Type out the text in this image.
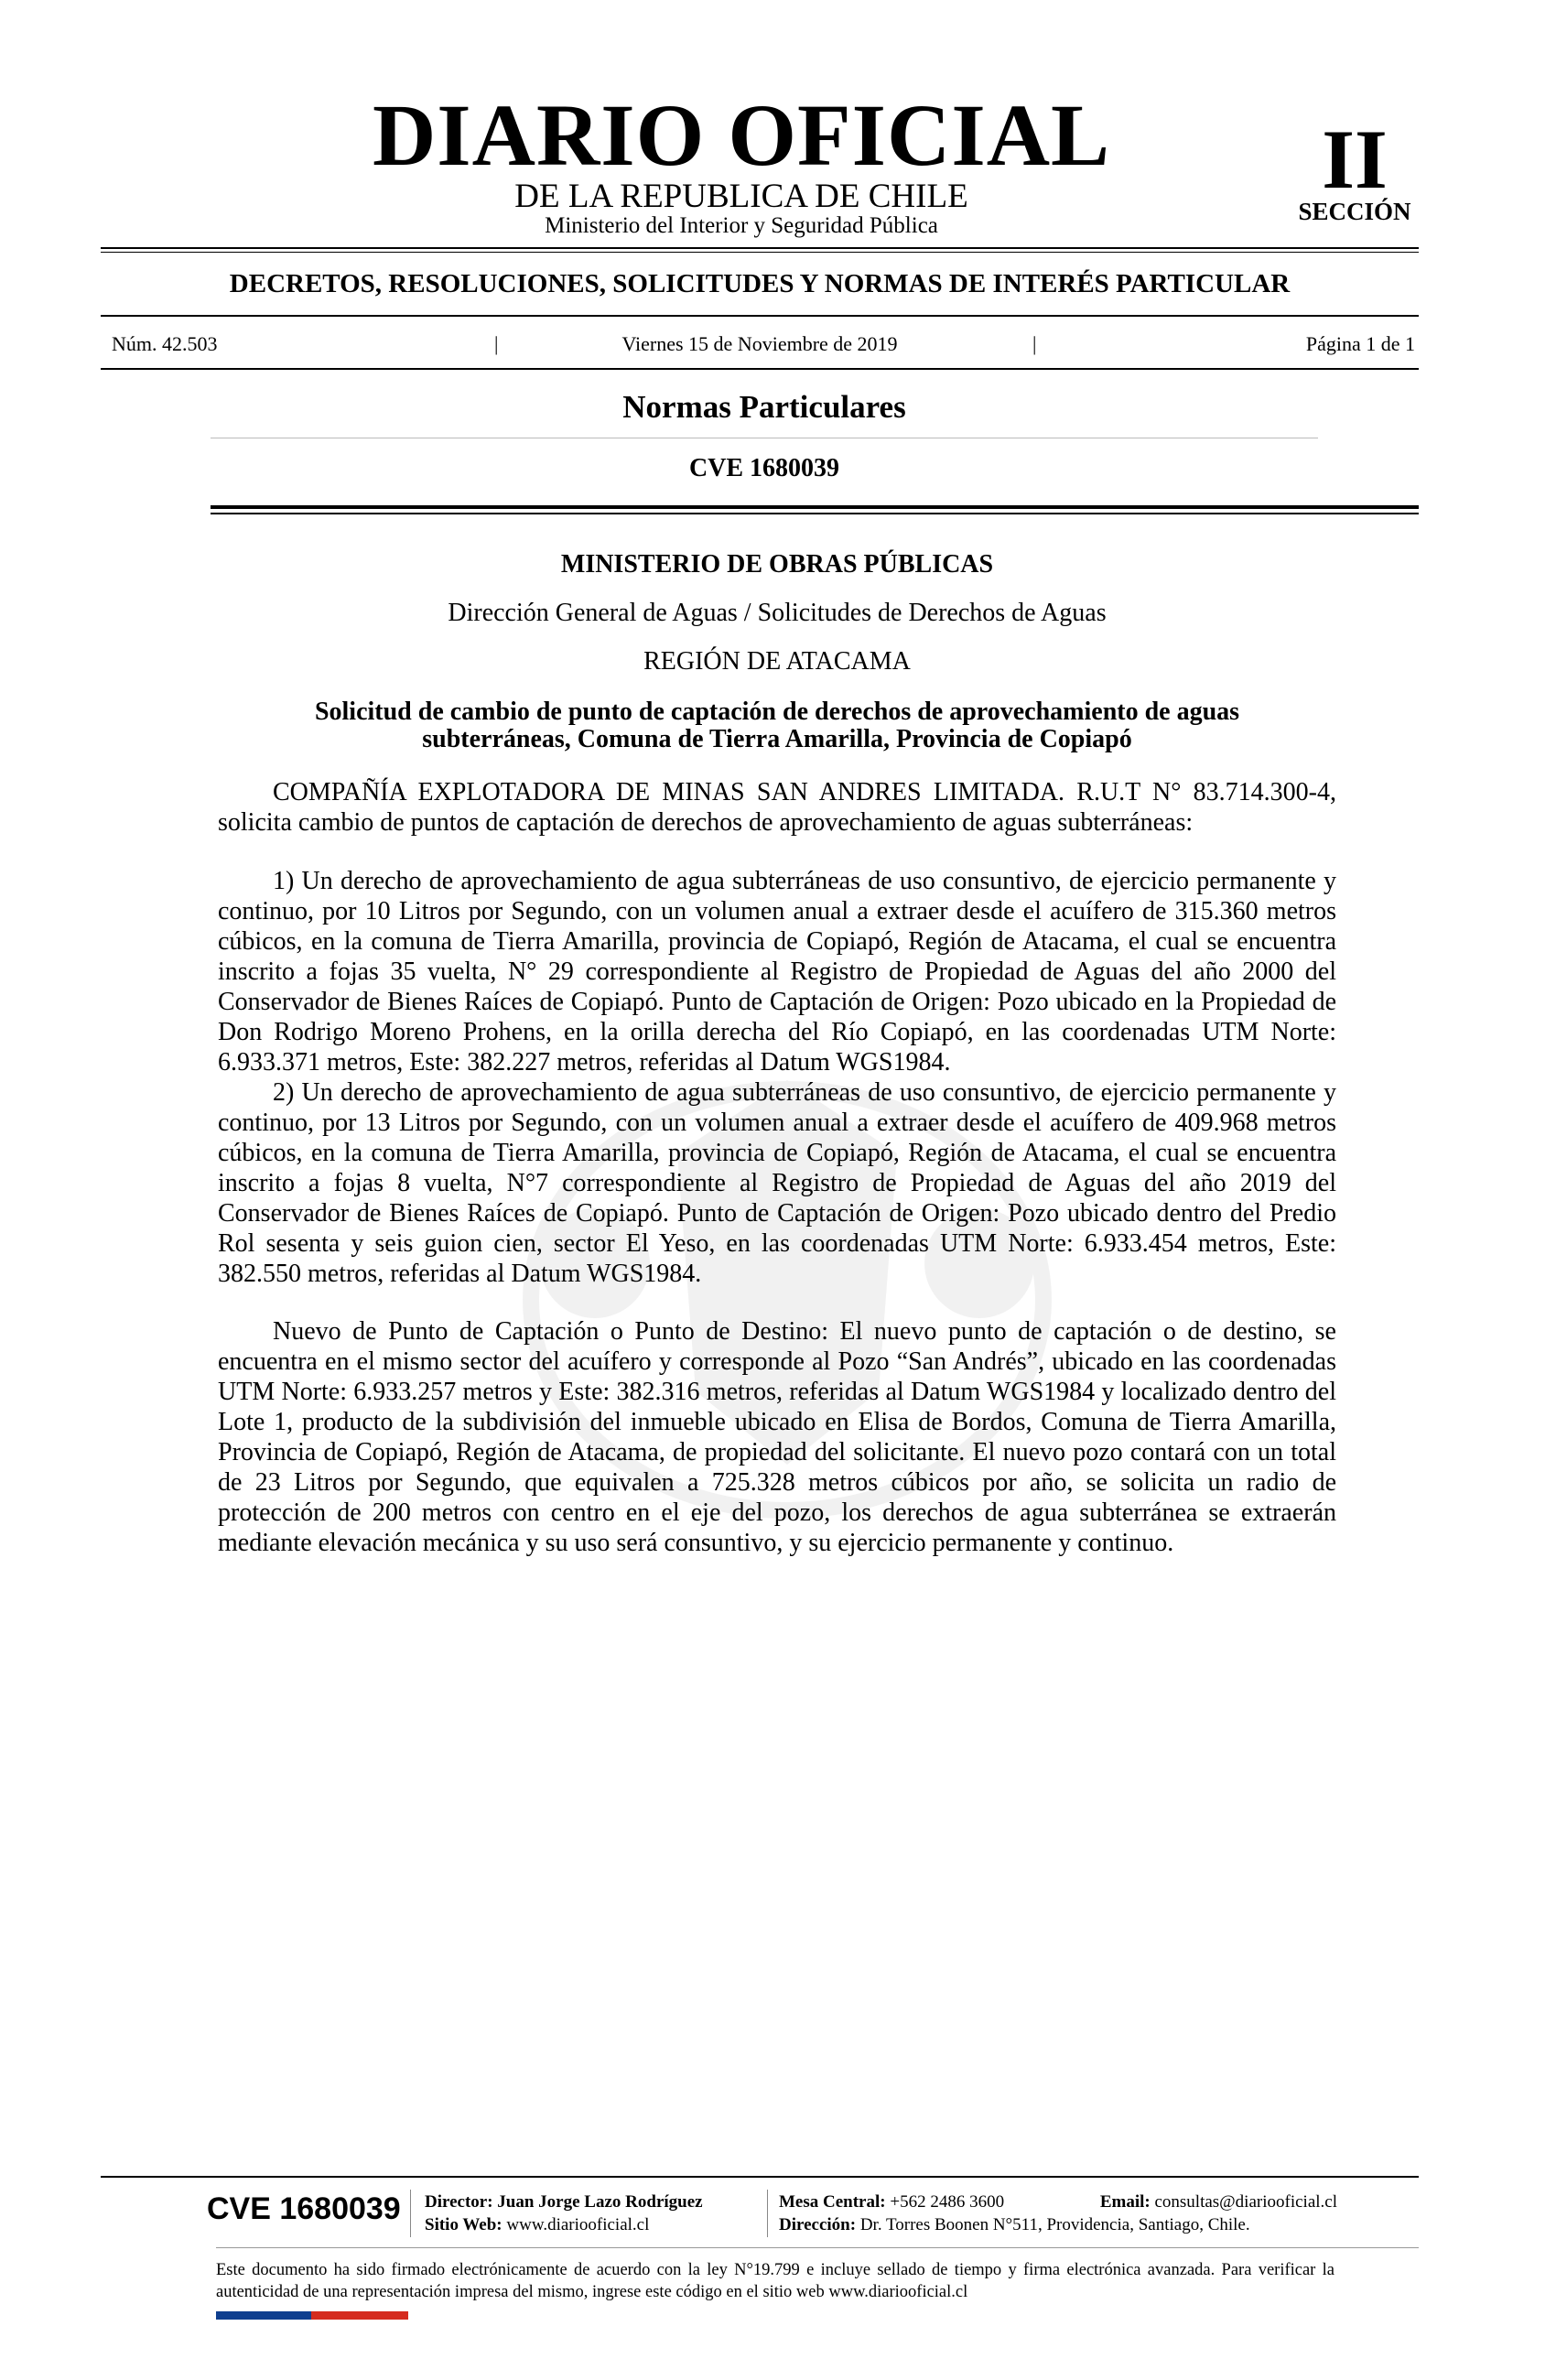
DIARIO OFICIAL
DE LA REPUBLICA DE CHILE
Ministerio del Interior y Seguridad Pública
II
SECCIÓN
DECRETOS, RESOLUCIONES, SOLICITUDES Y NORMAS DE INTERÉS PARTICULAR
Núm. 42.503	|	Viernes 15 de Noviembre de 2019	|	Página 1 de 1
Normas Particulares
CVE 1680039

MINISTERIO DE OBRAS PÚBLICAS

Dirección General de Aguas / Solicitudes de Derechos de Aguas

REGIÓN DE ATACAMA

Solicitud de cambio de punto de captación de derechos de aprovechamiento de aguas subterráneas, Comuna de Tierra Amarilla, Provincia de Copiapó

COMPAÑÍA EXPLOTADORA DE MINAS SAN ANDRES LIMITADA. R.U.T N° 83.714.300-4, solicita cambio de puntos de captación de derechos de aprovechamiento de aguas subterráneas:

1) Un derecho de aprovechamiento de agua subterráneas de uso consuntivo, de ejercicio permanente y continuo, por 10 Litros por Segundo, con un volumen anual a extraer desde el acuífero de 315.360 metros cúbicos, en la comuna de Tierra Amarilla, provincia de Copiapó, Región de Atacama, el cual se encuentra inscrito a fojas 35 vuelta, N° 29 correspondiente al Registro de Propiedad de Aguas del año 2000 del Conservador de Bienes Raíces de Copiapó. Punto de Captación de Origen: Pozo ubicado en la Propiedad de Don Rodrigo Moreno Prohens, en la orilla derecha del Río Copiapó, en las coordenadas UTM Norte: 6.933.371 metros, Este: 382.227 metros, referidas al Datum WGS1984.

2) Un derecho de aprovechamiento de agua subterráneas de uso consuntivo, de ejercicio permanente y continuo, por 13 Litros por Segundo, con un volumen anual a extraer desde el acuífero de 409.968 metros cúbicos, en la comuna de Tierra Amarilla, provincia de Copiapó, Región de Atacama, el cual se encuentra inscrito a fojas 8 vuelta, N°7 correspondiente al Registro de Propiedad de Aguas del año 2019 del Conservador de Bienes Raíces de Copiapó. Punto de Captación de Origen: Pozo ubicado dentro del Predio Rol sesenta y seis guion cien, sector El Yeso, en las coordenadas UTM Norte: 6.933.454 metros, Este: 382.550 metros, referidas al Datum WGS1984.

Nuevo de Punto de Captación o Punto de Destino: El nuevo punto de captación o de destino, se encuentra en el mismo sector del acuífero y corresponde al Pozo “San Andrés”, ubicado en las coordenadas UTM Norte: 6.933.257 metros y Este: 382.316 metros, referidas al Datum WGS1984 y localizado dentro del Lote 1, producto de la subdivisión del inmueble ubicado en Elisa de Bordos, Comuna de Tierra Amarilla, Provincia de Copiapó, Región de Atacama, de propiedad del solicitante. El nuevo pozo contará con un total de 23 Litros por Segundo, que equivalen a 725.328 metros cúbicos por año, se solicita un radio de protección de 200 metros con centro en el eje del pozo, los derechos de agua subterránea se extraerán mediante elevación mecánica y su uso será consuntivo, y su ejercicio permanente y continuo.

CVE 1680039 Director: Juan Jorge Lazo Rodríguez
Sitio Web: www.diariooficial.cl
Mesa Central: +562 2486 3600	Email: consultas@diariooficial.cl
Dirección: Dr. Torres Boonen N°511, Providencia, Santiago, Chile.
Este documento ha sido firmado electrónicamente de acuerdo con la ley N°19.799 e incluye sellado de tiempo y firma electrónica avanzada. Para verificar la autenticidad de una representación impresa del mismo, ingrese este código en el sitio web www.diariooficial.cl
